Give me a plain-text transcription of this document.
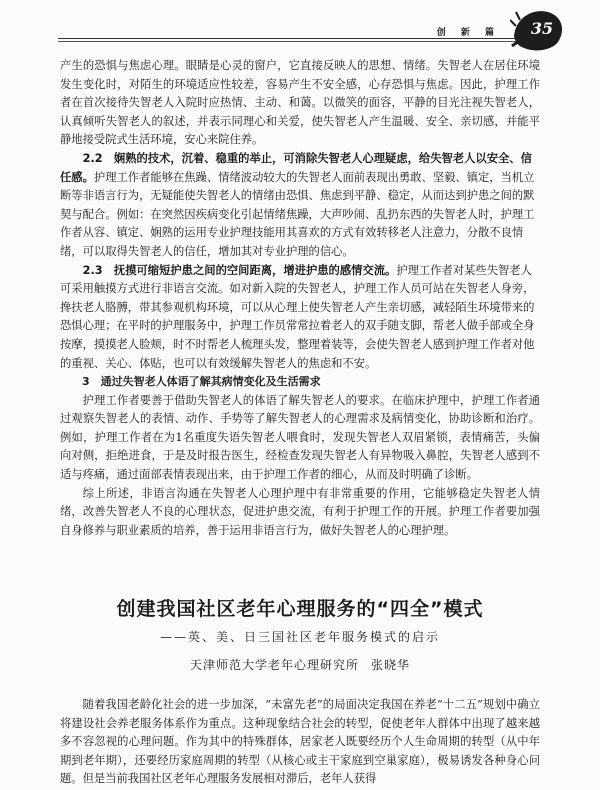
创 新 篇 35

产生的恐惧与焦虑心理。眼睛是心灵的窗户，它直接反映人的思想、情绪。失智老人在居住环境发生变化时，对陌生的环境适应性较差，容易产生不安全感，心存恐惧与焦虑。因此，护理工作者在首次接待失智老人入院时应热情、主动、和蔼。以微笑的面容，平静的目光注视失智老人，认真倾听失智老人的叙述，并表示同理心和关爱，使失智老人产生温暖、安全、亲切感，并能平静地接受院式生活环境，安心来院住养。

2.2　娴熟的技术，沉着、稳重的举止，可消除失智老人心理疑虑，给失智老人以安全、信任感。护理工作者能够在焦躁、情绪波动较大的失智老人面前表现出勇敢、坚毅、镇定，当机立断等非语言行为，无疑能使失智老人的情绪由恐惧、焦虑到平静、稳定，从而达到护患之间的默契与配合。例如：在突然因疾病变化引起情绪焦躁，大声吵闹、乱扔东西的失智老人时，护理工作者从容、镇定、娴熟的运用专业护理技能用其喜欢的方式有效转移老人注意力，分散不良情绪，可以取得失智老人的信任，增加其对专业护理的信心。

2.3　抚摸可缩短护患之间的空间距离，增进护患的感情交流。护理工作者对某些失智老人可采用触摸方式进行非语言交流。如对新入院的失智老人，护理工作人员可站在失智老人身旁，搀扶老人胳膊，带其参观机构环境，可以从心理上使失智老人产生亲切感，减轻陌生环境带来的恐惧心理；在平时的护理服务中，护理工作员常常拉着老人的双手随支脚，帮老人做手部或全身按摩，摸摸老人脸颊，时不时帮老人梳理头发，整理着装等，会使失智老人感到护理工作者对他的重视、关心、体贴，也可以有效缓解失智老人的焦虑和不安。

3　通过失智老人体语了解其病情变化及生活需求

护理工作者要善于借助失智老人的体语了解失智老人的要求。在临床护理中，护理工作者通过观察失智老人的表情、动作、手势等了解失智老人的心理需求及病情变化，协助诊断和治疗。例如，护理工作者在为1名重度失语失智老人喂食时，发现失智老人双眉紧锁，表情痛苦，头偏向对侧，拒绝进食，于是及时报告医生，经检查发现失智老人有异物吸入鼻腔，失智老人感到不适与疼痛，通过面部表情表现出来，由于护理工作者的细心，从而及时明确了诊断。

综上所述，非语言沟通在失智老人心理护理中有非常重要的作用，它能够稳定失智老人情绪，改善失智老人不良的心理状态，促进护患交流，有利于护理工作的开展。护理工作者要加强自身修养与职业素质的培养，善于运用非语言行为，做好失智老人的心理护理。

创建我国社区老年心理服务的“四全”模式
——英、美、日三国社区老年服务模式的启示
天津师范大学老年心理研究所 张晓华

随着我国老龄化社会的进一步加深，“未富先老”的局面决定我国在养老“十二五”规划中确立将建设社会养老服务体系作为重点。这种现象结合社会的转型，促使老年人群体中出现了越来越多不容忽视的心理问题。作为其中的特殊群体，居家老人既要经历个人生命周期的转型（从中年期到老年期），还要经历家庭周期的转型（从核心或主干家庭到空巢家庭），极易诱发各种身心问题。但是当前我国社区老年心理服务发展相对滞后，老年人获得
